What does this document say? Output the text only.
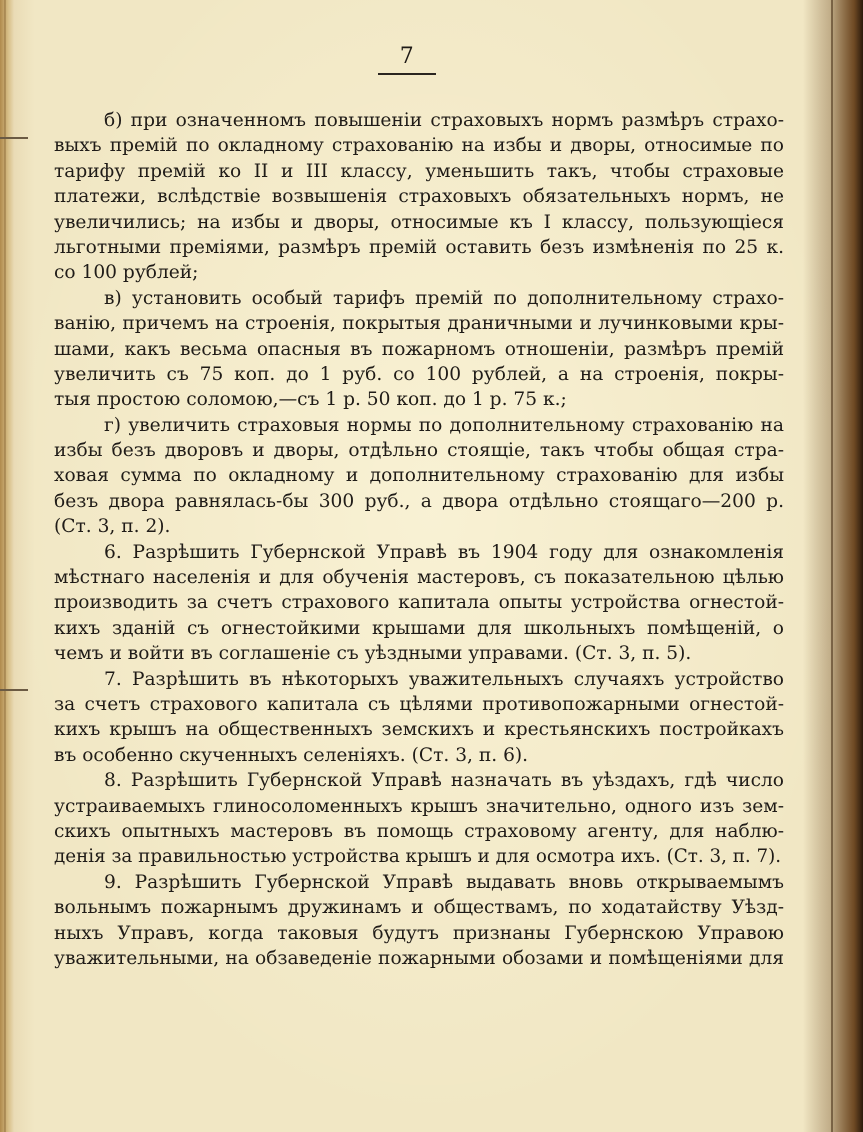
7
б) при означенномъ повышеніи страховыхъ нормъ размѣръ страхо-
выхъ премій по окладному страхованію на избы и дворы, относимые по
тарифу премій ко II и III классу, уменьшить такъ, чтобы страховые
платежи, вслѣдствіе возвышенія страховыхъ обязательныхъ нормъ, не
увеличились; на избы и дворы, относимые къ I классу, пользующіеся
льготными преміями, размѣръ премій оставить безъ измѣненія по 25 к.
со 100 рублей;
в) установить особый тарифъ премій по дополнительному страхо-
ванію, причемъ на строенія, покрытыя драничными и лучинковыми кры-
шами, какъ весьма опасныя въ пожарномъ отношеніи, размѣръ премій
увеличить съ 75 коп. до 1 руб. со 100 рублей, а на строенія, покры-
тыя простою соломою,—съ 1 р. 50 коп. до 1 р. 75 к.;
г) увеличить страховыя нормы по дополнительному страхованію на
избы безъ дворовъ и дворы, отдѣльно стоящіе, такъ чтобы общая стра-
ховая сумма по окладному и дополнительному страхованію для избы
безъ двора равнялась-бы 300 руб., а двора отдѣльно стоящаго—200 р.
(Ст. 3, п. 2).
6. Разрѣшить Губернской Управѣ въ 1904 году для ознакомленія
мѣстнаго населенія и для обученія мастеровъ, съ показательною цѣлью
производить за счетъ страхового капитала опыты устройства огнестой-
кихъ зданій съ огнестойкими крышами для школьныхъ помѣщеній, о
чемъ и войти въ соглашеніе съ уѣздными управами. (Ст. 3, п. 5).
7. Разрѣшить въ нѣкоторыхъ уважительныхъ случаяхъ устройство
за счетъ страхового капитала съ цѣлями противопожарными огнестой-
кихъ крышъ на общественныхъ земскихъ и крестьянскихъ постройкахъ
въ особенно скученныхъ селеніяхъ. (Ст. 3, п. 6).
8. Разрѣшить Губернской Управѣ назначать въ уѣздахъ, гдѣ число
устраиваемыхъ глиносоломенныхъ крышъ значительно, одного изъ зем-
скихъ опытныхъ мастеровъ въ помощь страховому агенту, для наблю-
денія за правильностью устройства крышъ и для осмотра ихъ. (Ст. 3, п. 7).
9. Разрѣшить Губернской Управѣ выдавать вновь открываемымъ
вольнымъ пожарнымъ дружинамъ и обществамъ, по ходатайству Уѣзд-
ныхъ Управъ, когда таковыя будутъ признаны Губернскою Управою
уважительными, на обзаведеніе пожарными обозами и помѣщеніями для
